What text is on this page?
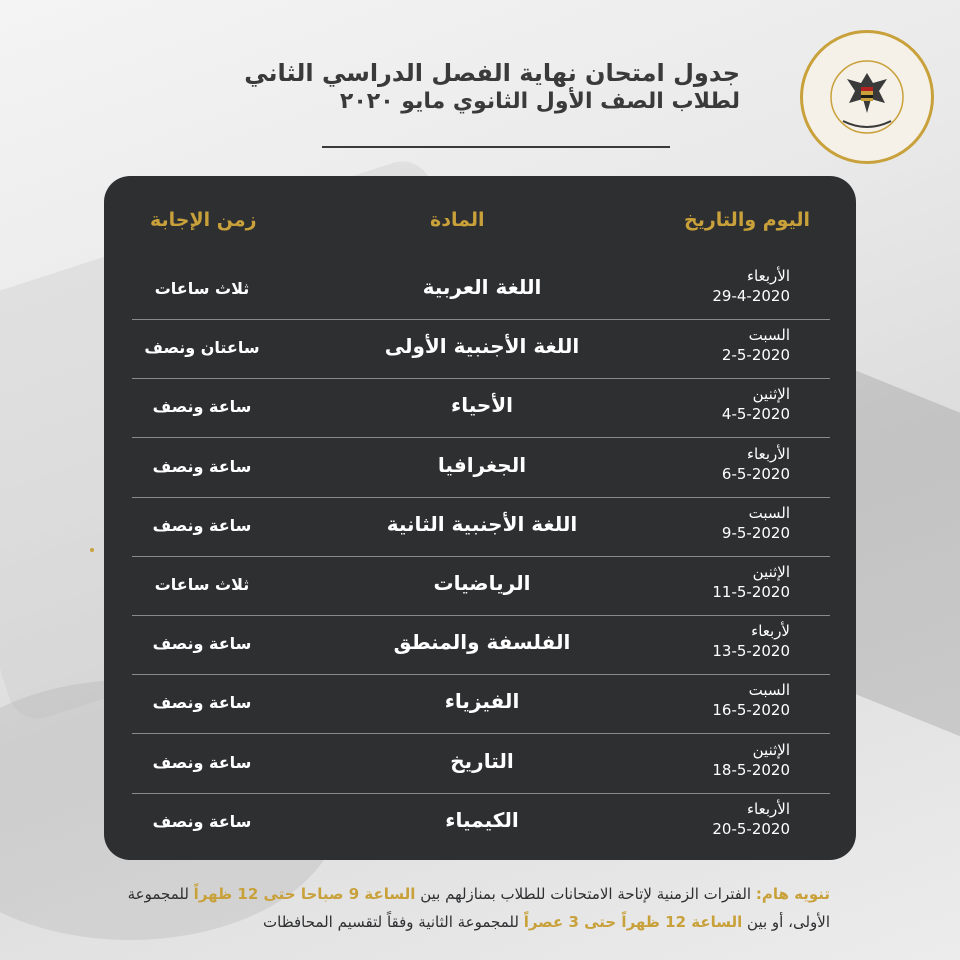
جدول امتحان نهاية الفصل الدراسي الثاني
لطلاب الصف الأول الثانوي مايو ٢٠٢٠
اليوم والتاريخ
المادة
زمن الإجابة
الأربعاء
29-4-2020
اللغة العربية
ثلاث ساعات
السبت
2-5-2020
اللغة الأجنبية الأولى
ساعتان ونصف
الإثنين
4-5-2020
الأحياء
ساعة ونصف
الأربعاء
6-5-2020
الجغرافيا
ساعة ونصف
السبت
9-5-2020
اللغة الأجنبية الثانية
ساعة ونصف
الإثنين
11-5-2020
الرياضيات
ثلاث ساعات
لأربعاء
13-5-2020
الفلسفة والمنطق
ساعة ونصف
السبت
16-5-2020
الفيزياء
ساعة ونصف
الإثنين
18-5-2020
التاريخ
ساعة ونصف
الأربعاء
20-5-2020
الكيمياء
ساعة ونصف
تنويه هام: الفترات الزمنية لإتاحة الامتحانات للطلاب بمنازلهم بين الساعة 9 صباحا حتى 12 ظهراً للمجموعة الأولى، أو بين الساعة 12 ظهراً حتى 3 عصراً للمجموعة الثانية وفقاً لتقسيم المحافظات
